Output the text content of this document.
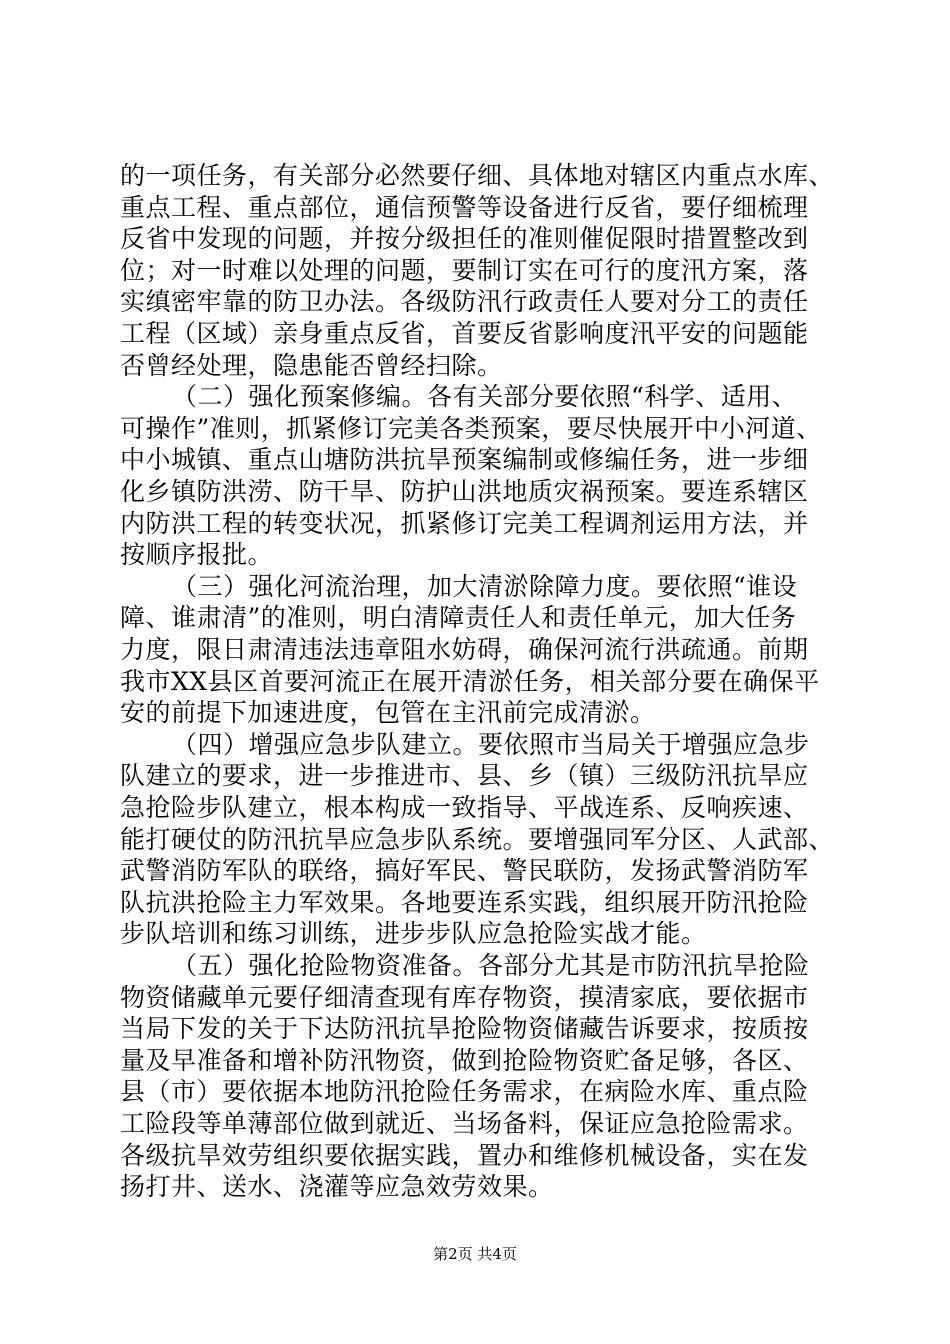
的一项任务，有关部分必然要仔细、具体地对辖区内重点水库、
重点工程、重点部位，通信预警等设备进行反省，要仔细梳理
反省中发现的问题，并按分级担任的准则催促限时措置整改到
位；对一时难以处理的问题，要制订实在可行的度汛方案，落
实缜密牢靠的防卫办法。各级防汛行政责任人要对分工的责任
工程（区域）亲身重点反省，首要反省影响度汛平安的问题能
否曾经处理，隐患能否曾经扫除。
（二）强化预案修编。各有关部分要依照“科学、适用、
可操作”准则，抓紧修订完美各类预案，要尽快展开中小河道、
中小城镇、重点山塘防洪抗旱预案编制或修编任务，进一步细
化乡镇防洪涝、防干旱、防护山洪地质灾祸预案。要连系辖区
内防洪工程的转变状况，抓紧修订完美工程调剂运用方法，并
按顺序报批。
（三）强化河流治理，加大清淤除障力度。要依照“谁设
障、谁肃清”的准则，明白清障责任人和责任单元，加大任务
力度，限日肃清违法违章阻水妨碍，确保河流行洪疏通。前期
我市XX县区首要河流正在展开清淤任务，相关部分要在确保平
安的前提下加速进度，包管在主汛前完成清淤。
（四）增强应急步队建立。要依照市当局关于增强应急步
队建立的要求，进一步推进市、县、乡（镇）三级防汛抗旱应
急抢险步队建立，根本构成一致指导、平战连系、反响疾速、
能打硬仗的防汛抗旱应急步队系统。要增强同军分区、人武部、
武警消防军队的联络，搞好军民、警民联防，发扬武警消防军
队抗洪抢险主力军效果。各地要连系实践，组织展开防汛抢险
步队培训和练习训练，进步步队应急抢险实战才能。
（五）强化抢险物资准备。各部分尤其是市防汛抗旱抢险
物资储藏单元要仔细清查现有库存物资，摸清家底，要依据市
当局下发的关于下达防汛抗旱抢险物资储藏告诉要求，按质按
量及早准备和增补防汛物资，做到抢险物资贮备足够，各区、
县（市）要依据本地防汛抢险任务需求，在病险水库、重点险
工险段等单薄部位做到就近、当场备料，保证应急抢险需求。
各级抗旱效劳组织要依据实践，置办和维修机械设备，实在发
扬打井、送水、浇灌等应急效劳效果。
第2页 共4页
